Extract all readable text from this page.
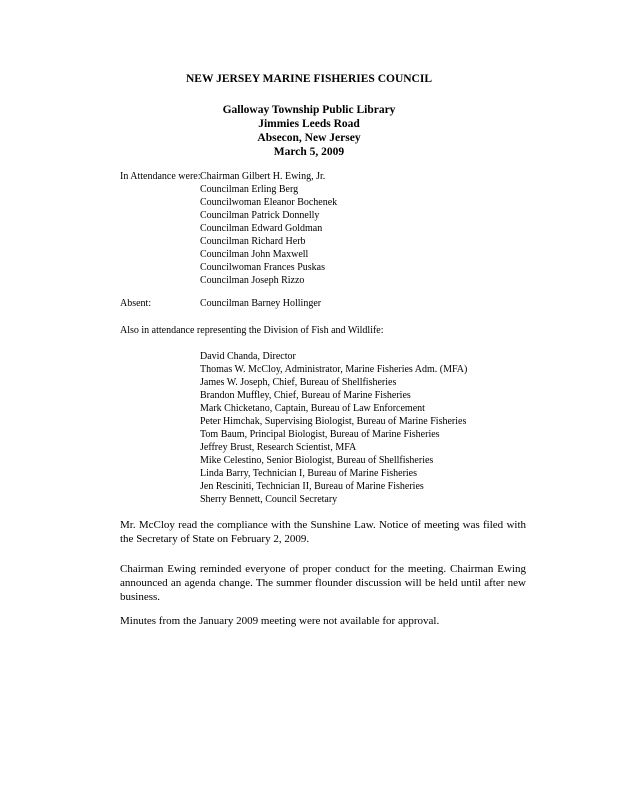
NEW JERSEY MARINE FISHERIES COUNCIL
Galloway Township Public Library
Jimmies Leeds Road
Absecon, New Jersey
March 5, 2009
In Attendance were: Chairman Gilbert H. Ewing, Jr.
Councilman Erling Berg
Councilwoman Eleanor Bochenek
Councilman Patrick Donnelly
Councilman Edward Goldman
Councilman Richard Herb
Councilman John Maxwell
Councilwoman Frances Puskas
Councilman Joseph Rizzo
Absent:	Councilman Barney Hollinger
Also in attendance representing the Division of Fish and Wildlife:
David Chanda, Director
Thomas W. McCloy, Administrator, Marine Fisheries Adm. (MFA)
James W. Joseph, Chief, Bureau of Shellfisheries
Brandon Muffley, Chief, Bureau of Marine Fisheries
Mark Chicketano, Captain, Bureau of Law Enforcement
Peter Himchak, Supervising Biologist, Bureau of Marine Fisheries
Tom Baum, Principal Biologist, Bureau of Marine Fisheries
Jeffrey Brust, Research Scientist, MFA
Mike Celestino, Senior Biologist, Bureau of Shellfisheries
Linda Barry, Technician I, Bureau of Marine Fisheries
Jen Resciniti, Technician II, Bureau of Marine Fisheries
Sherry Bennett, Council Secretary
Mr. McCloy read the compliance with the Sunshine Law. Notice of meeting was filed with the Secretary of State on February 2, 2009.
Chairman Ewing reminded everyone of proper conduct for the meeting. Chairman Ewing announced an agenda change. The summer flounder discussion will be held until after new business.
Minutes from the January 2009 meeting were not available for approval.
